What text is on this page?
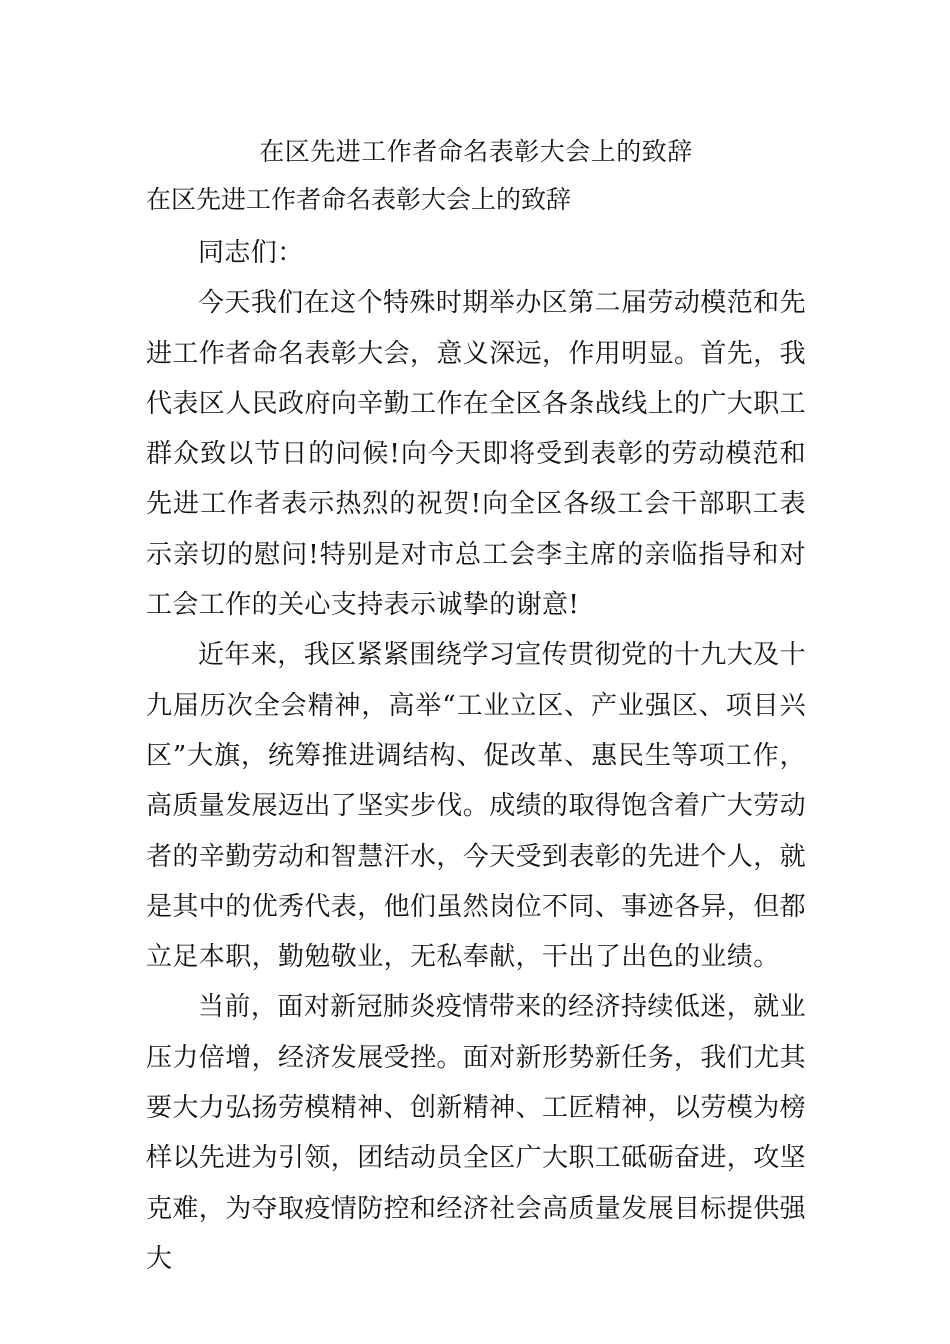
在区先进工作者命名表彰大会上的致辞
在区先进工作者命名表彰大会上的致辞

同志们：

今天我们在这个特殊时期举办区第二届劳动模范和先进工作者命名表彰大会，意义深远，作用明显。首先，我代表区人民政府向辛勤工作在全区各条战线上的广大职工群众致以节日的问候!向今天即将受到表彰的劳动模范和先进工作者表示热烈的祝贺!向全区各级工会干部职工表示亲切的慰问!特别是对市总工会李主席的亲临指导和对工会工作的关心支持表示诚挚的谢意!

近年来，我区紧紧围绕学习宣传贯彻党的十九大及十九届历次全会精神，高举“工业立区、产业强区、项目兴区”大旗，统筹推进调结构、促改革、惠民生等项工作，高质量发展迈出了坚实步伐。成绩的取得饱含着广大劳动者的辛勤劳动和智慧汗水，今天受到表彰的先进个人，就是其中的优秀代表，他们虽然岗位不同、事迹各异，但都立足本职，勤勉敬业，无私奉献，干出了出色的业绩。

当前，面对新冠肺炎疫情带来的经济持续低迷，就业压力倍增，经济发展受挫。面对新形势新任务，我们尤其要大力弘扬劳模精神、创新精神、工匠精神，以劳模为榜样以先进为引领，团结动员全区广大职工砥砺奋进，攻坚克难，为夺取疫情防控和经济社会高质量发展目标提供强大
